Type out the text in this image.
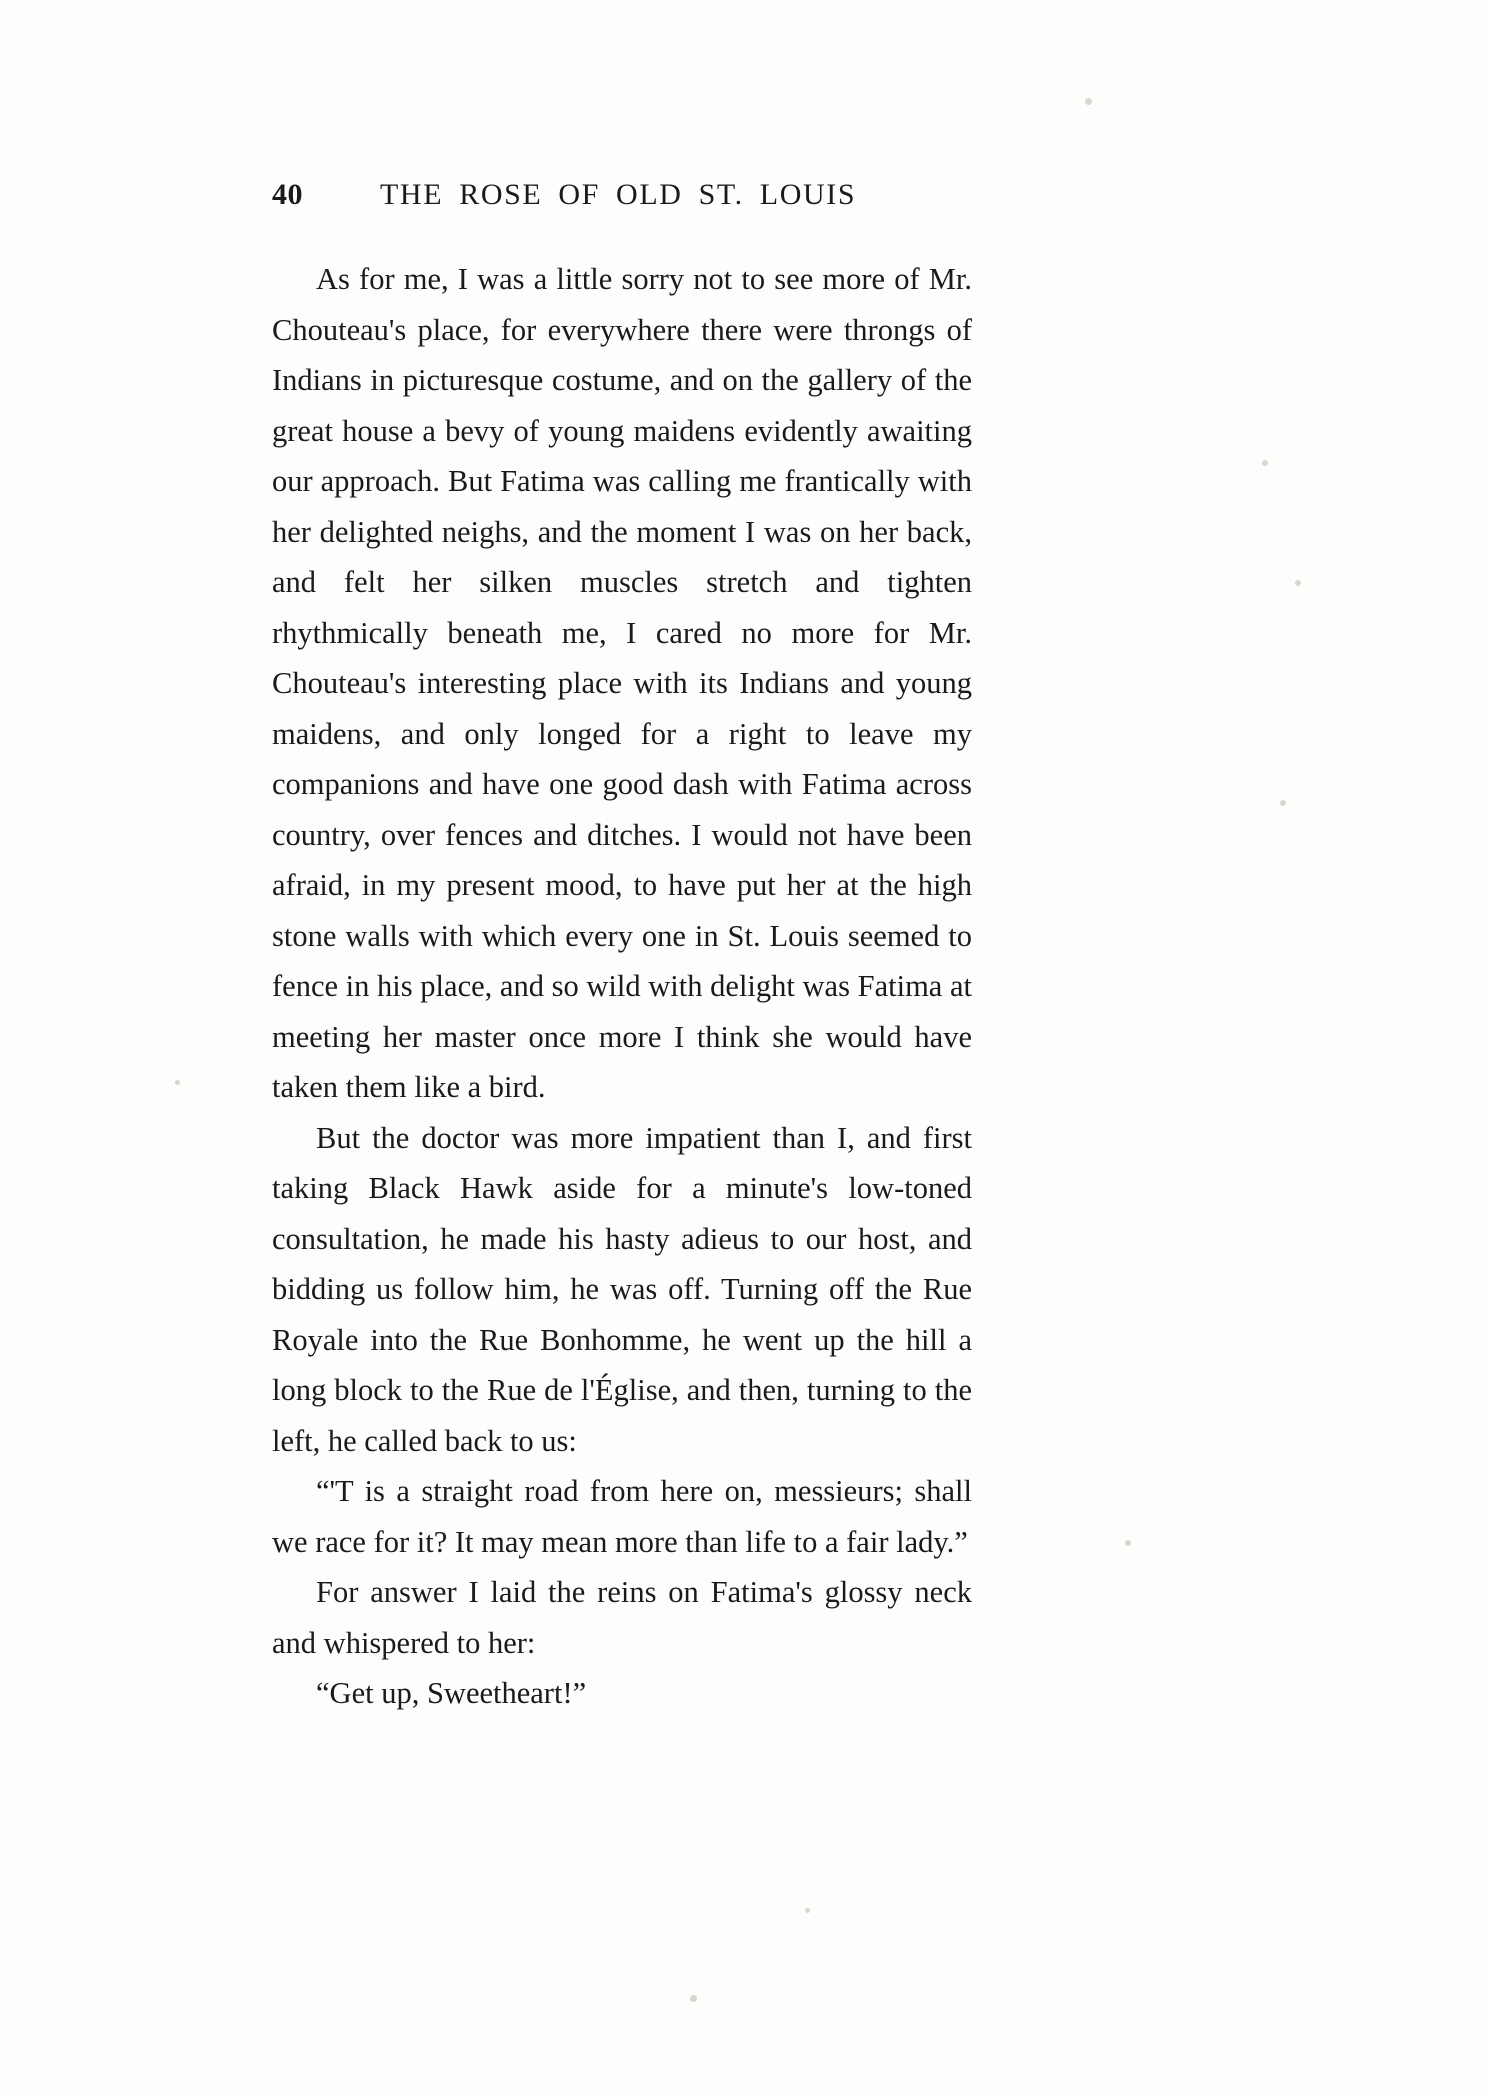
40	THE ROSE OF OLD ST. LOUIS

As for me, I was a little sorry not to see more of Mr. Chouteau's place, for everywhere there were throngs of Indians in picturesque costume, and on the gallery of the great house a bevy of young maidens evidently awaiting our approach. But Fatima was calling me frantically with her delighted neighs, and the moment I was on her back, and felt her silken muscles stretch and tighten rhythmically beneath me, I cared no more for Mr. Chouteau's interesting place with its Indians and young maidens, and only longed for a right to leave my companions and have one good dash with Fatima across country, over fences and ditches. I would not have been afraid, in my present mood, to have put her at the high stone walls with which every one in St. Louis seemed to fence in his place, and so wild with delight was Fatima at meeting her master once more I think she would have taken them like a bird.

But the doctor was more impatient than I, and first taking Black Hawk aside for a minute's low-toned consultation, he made his hasty adieus to our host, and bidding us follow him, he was off. Turning off the Rue Royale into the Rue Bonhomme, he went up the hill a long block to the Rue de l'Église, and then, turning to the left, he called back to us:

“'T is a straight road from here on, messieurs; shall we race for it? It may mean more than life to a fair lady.”

For answer I laid the reins on Fatima's glossy neck and whispered to her:

“Get up, Sweetheart!”
